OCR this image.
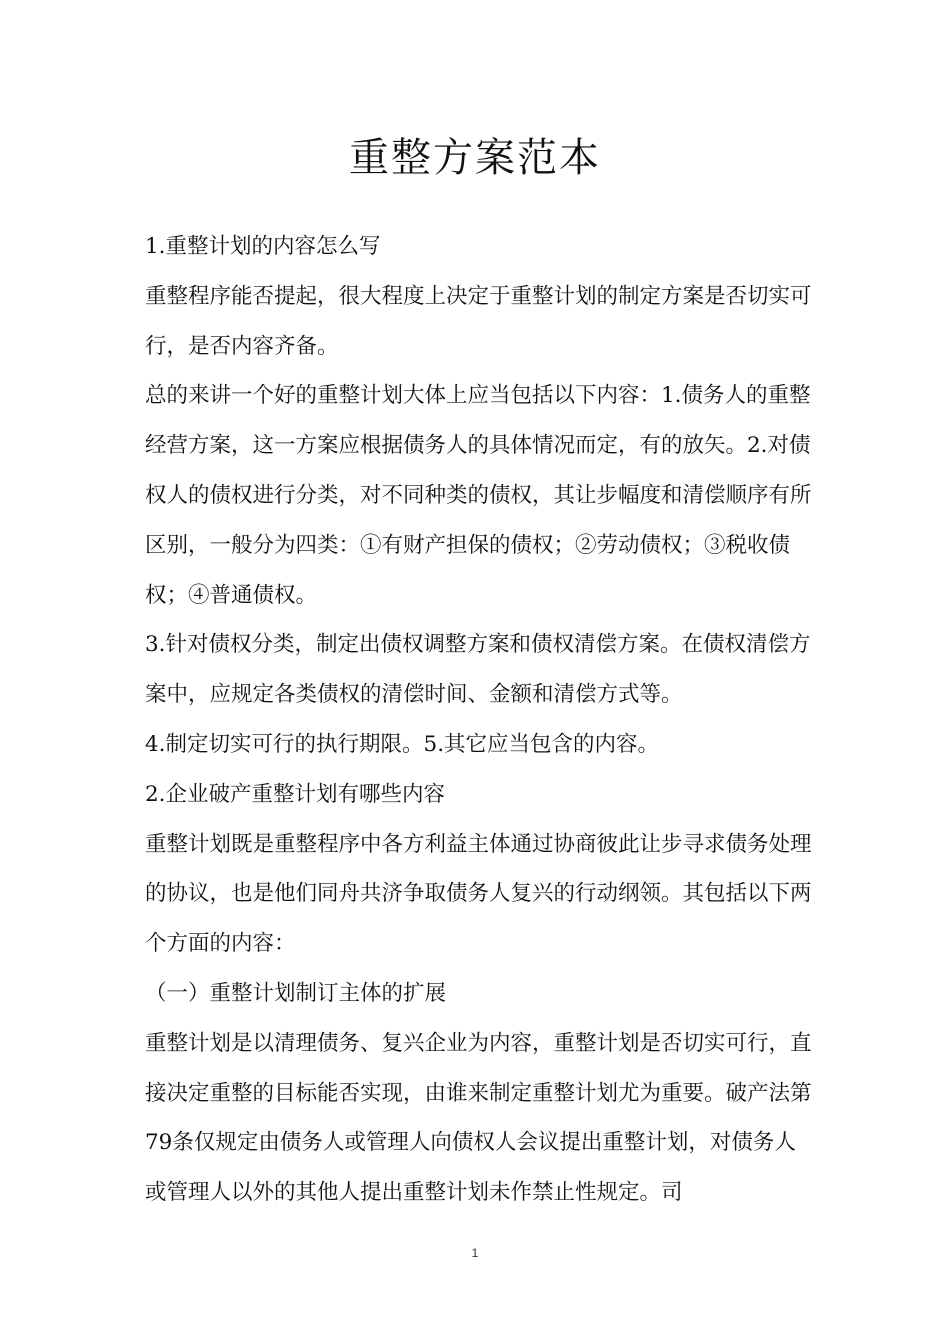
重整方案范本

1.重整计划的内容怎么写

重整程序能否提起，很大程度上决定于重整计划的制定方案是否切实可行，是否内容齐备。

总的来讲一个好的重整计划大体上应当包括以下内容：1.债务人的重整经营方案，这一方案应根据债务人的具体情况而定，有的放矢。2.对债权人的债权进行分类，对不同种类的债权，其让步幅度和清偿顺序有所区别，一般分为四类：①有财产担保的债权；②劳动债权；③税收债权；④普通债权。

3.针对债权分类，制定出债权调整方案和债权清偿方案。在债权清偿方案中，应规定各类债权的清偿时间、金额和清偿方式等。

4.制定切实可行的执行期限。5.其它应当包含的内容。

2.企业破产重整计划有哪些内容

重整计划既是重整程序中各方利益主体通过协商彼此让步寻求债务处理的协议，也是他们同舟共济争取债务人复兴的行动纲领。其包括以下两个方面的内容：

（一）重整计划制订主体的扩展

重整计划是以清理债务、复兴企业为内容，重整计划是否切实可行，直接决定重整的目标能否实现，由谁来制定重整计划尤为重要。破产法第79条仅规定由债务人或管理人向债权人会议提出重整计划，对债务人或管理人以外的其他人提出重整计划未作禁止性规定。司

1
